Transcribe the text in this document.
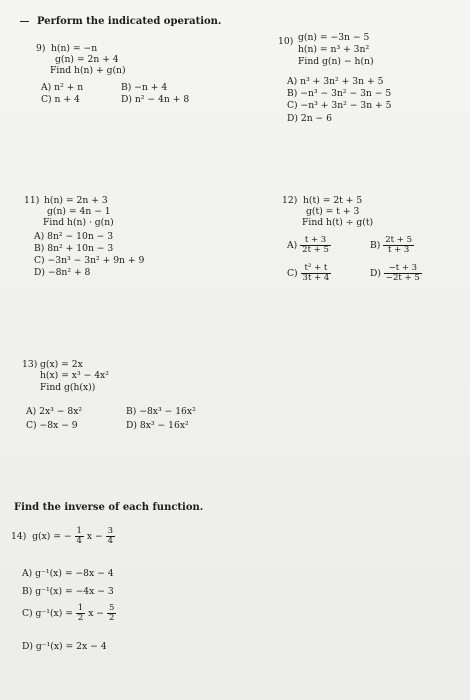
Perform the indicated operation.
9) h(n) = −n
g(n) = 2n + 4
Find h(n) + g(n)
A) n² + n	B) −n + 4
C) n + 4	D) n² − 4n + 8
10) g(n) = −3n − 5
h(n) = n³ + 3n²
Find g(n) − h(n)
A) n³ + 3n² + 3n + 5
B) −n³ − 3n² − 3n − 5
C) −n³ + 3n² − 3n + 5
D) 2n − 6
11) h(n) = 2n + 3
g(n) = 4n − 1
Find h(n) · g(n)
A) 8n² − 10n − 3
B) 8n² + 10n − 3
C) −3n³ − 3n² + 9n + 9
D) −8n² + 8
12) h(t) = 2t + 5
g(t) = t + 3
Find h(t) ÷ g(t)
$A) \frac{t + 3}{2t + 5}$	$B) \frac{2t + 5}{t + 3}$
$C) \frac{\text{t² + t}}{3t + 4}$	$D) \frac{-t + 3}{-2t + 5}$
13) g(x) = 2x
h(x) = x³ − 4x²
Find g(h(x))
A) 2x³ − 8x²	B) −8x³ − 16x²
C) −8x − 9	D) 8x³ − 16x²
Find the inverse of each function.
14) g(x) = − $\frac{1}{4}$ $x - \frac{3}{4}$
A) g⁻¹(x) = −8x − 4
B) g⁻¹(x) = −4x − 3
C) $g^{-1}(x) = \frac{1}{2}$ $x - \frac{5}{2}$
D) g⁻¹(x) = 2x − 4
